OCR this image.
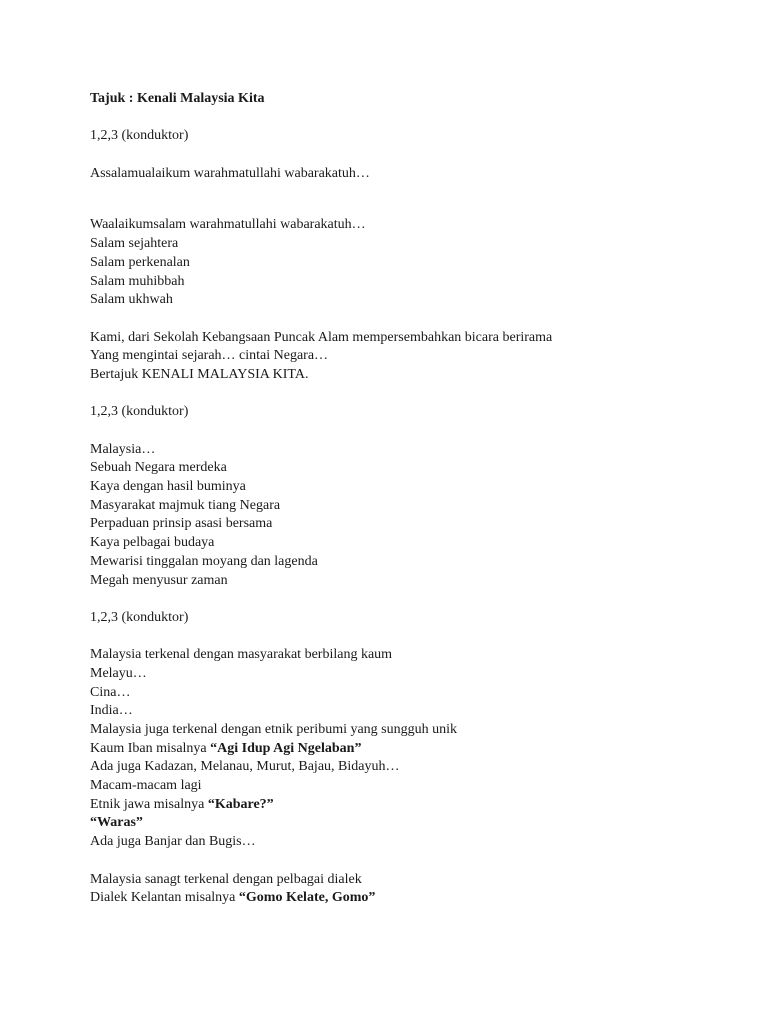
Tajuk : Kenali Malaysia Kita
1,2,3 (konduktor)
Assalamualaikum warahmatullahi wabarakatuh…
Waalaikumsalam warahmatullahi wabarakatuh…
Salam sejahtera
Salam perkenalan
Salam muhibbah
Salam ukhwah
Kami, dari Sekolah Kebangsaan Puncak Alam mempersembahkan bicara berirama
Yang mengintai sejarah… cintai Negara…
Bertajuk KENALI MALAYSIA KITA.
1,2,3 (konduktor)
Malaysia…
Sebuah Negara merdeka
Kaya dengan hasil buminya
Masyarakat majmuk tiang Negara
Perpaduan prinsip asasi bersama
Kaya pelbagai budaya
Mewarisi tinggalan moyang dan lagenda
Megah menyusur zaman
1,2,3 (konduktor)
Malaysia terkenal dengan masyarakat berbilang kaum
Melayu…
Cina…
India…
Malaysia juga terkenal dengan etnik peribumi yang sungguh unik
Kaum Iban misalnya “Agi Idup Agi Ngelaban”
Ada juga Kadazan, Melanau, Murut, Bajau, Bidayuh…
Macam-macam lagi
Etnik jawa misalnya “Kabare?”
“Waras”
Ada juga Banjar dan Bugis…
Malaysia sanagt terkenal dengan pelbagai dialek
Dialek Kelantan misalnya “Gomo Kelate, Gomo”
